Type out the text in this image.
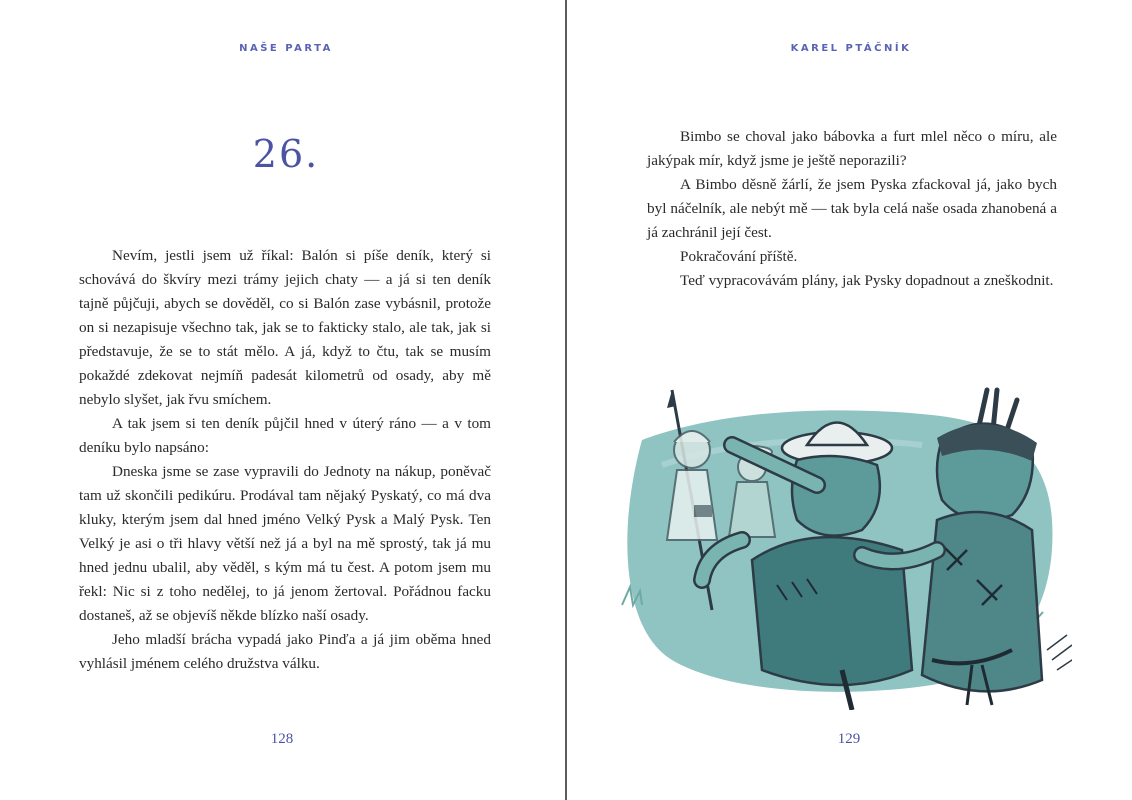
NAŠE PARTA
26.

Nevím, jestli jsem už říkal: Balón si píše deník, který si schovává do škvíry mezi trámy jejich chaty — a já si ten deník tajně půjčuji, abych se dověděl, co si Balón zase vybásnil, protože on si nezapisuje všechno tak, jak se to fakticky stalo, ale tak, jak si představuje, že se to stát mělo. A já, když to čtu, tak se musím pokaždé zdekovat nejmíň padesát kilometrů od osady, aby mě nebylo slyšet, jak řvu smíchem.

A tak jsem si ten deník půjčil hned v úterý ráno — a v tom deníku bylo napsáno:

Dneska jsme se zase vypravili do Jednoty na nákup, poněvač tam už skončili pedikúru. Prodával tam nějaký Pyskatý, co má dva kluky, kterým jsem dal hned jméno Velký Pysk a Malý Pysk. Ten Velký je asi o tři hlavy větší než já a byl na mě sprostý, tak já mu hned jednu ubalil, aby věděl, s kým má tu čest. A potom jsem mu řekl: Nic si z toho nedělej, to já jenom žertoval. Pořádnou facku dostaneš, až se objevíš někde blízko naší osady.

Jeho mladší brácha vypadá jako Pinďa a já jim oběma hned vyhlásil jménem celého družstva válku.

128
KAREL PTÁČNÍK

Bimbo se choval jako bábovka a furt mlel něco o míru, ale jakýpak mír, když jsme je ještě neporazili?

A Bimbo děsně žárlí, že jsem Pyska zfackoval já, jako bych byl náčelník, ale nebýt mě — tak byla celá naše osada zhanobená a já zachránil její čest.

Pokračování příště.

Teď vypracovávám plány, jak Pysky dopadnout a zneškodnit.

129
